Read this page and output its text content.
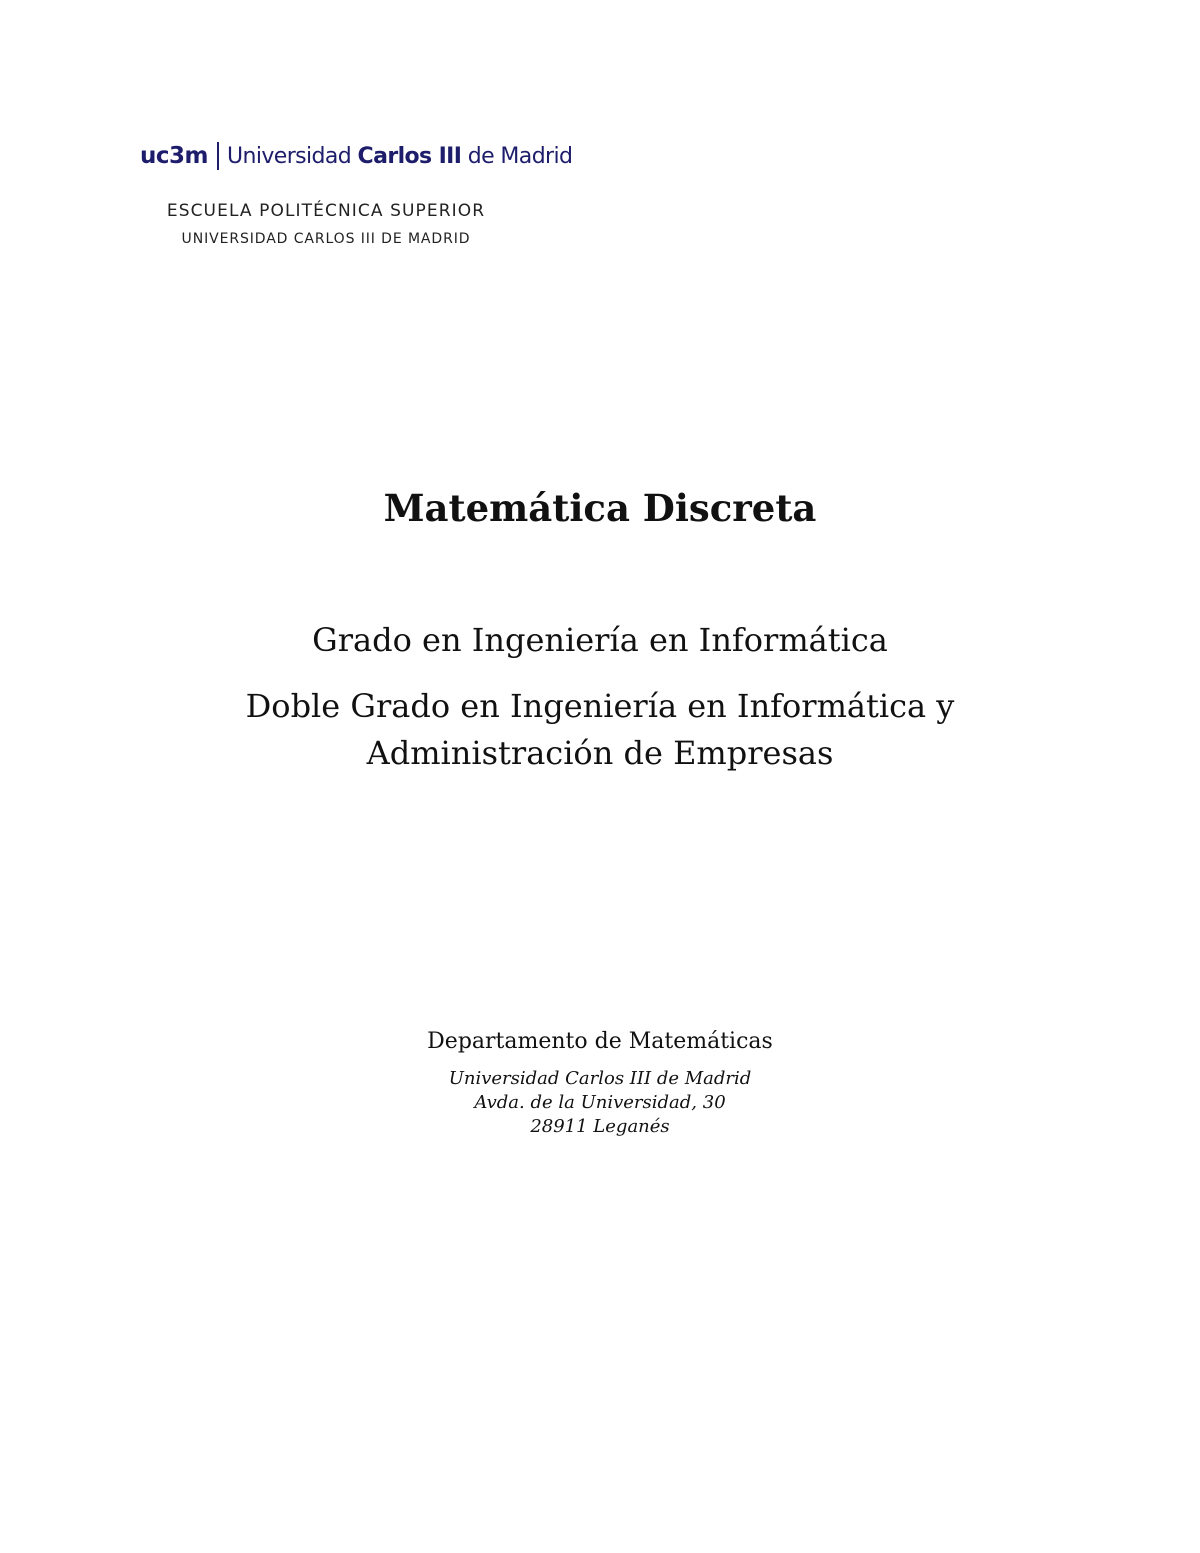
uc3m Universidad Carlos III de Madrid
ESCUELA POLITÉCNICA SUPERIOR
UNIVERSIDAD CARLOS III DE MADRID
Matemática Discreta
Grado en Ingeniería en Informática
Doble Grado en Ingeniería en Informática y
Administración de Empresas
Departamento de Matemáticas
Universidad Carlos III de Madrid
Avda. de la Universidad, 30
28911 Leganés
